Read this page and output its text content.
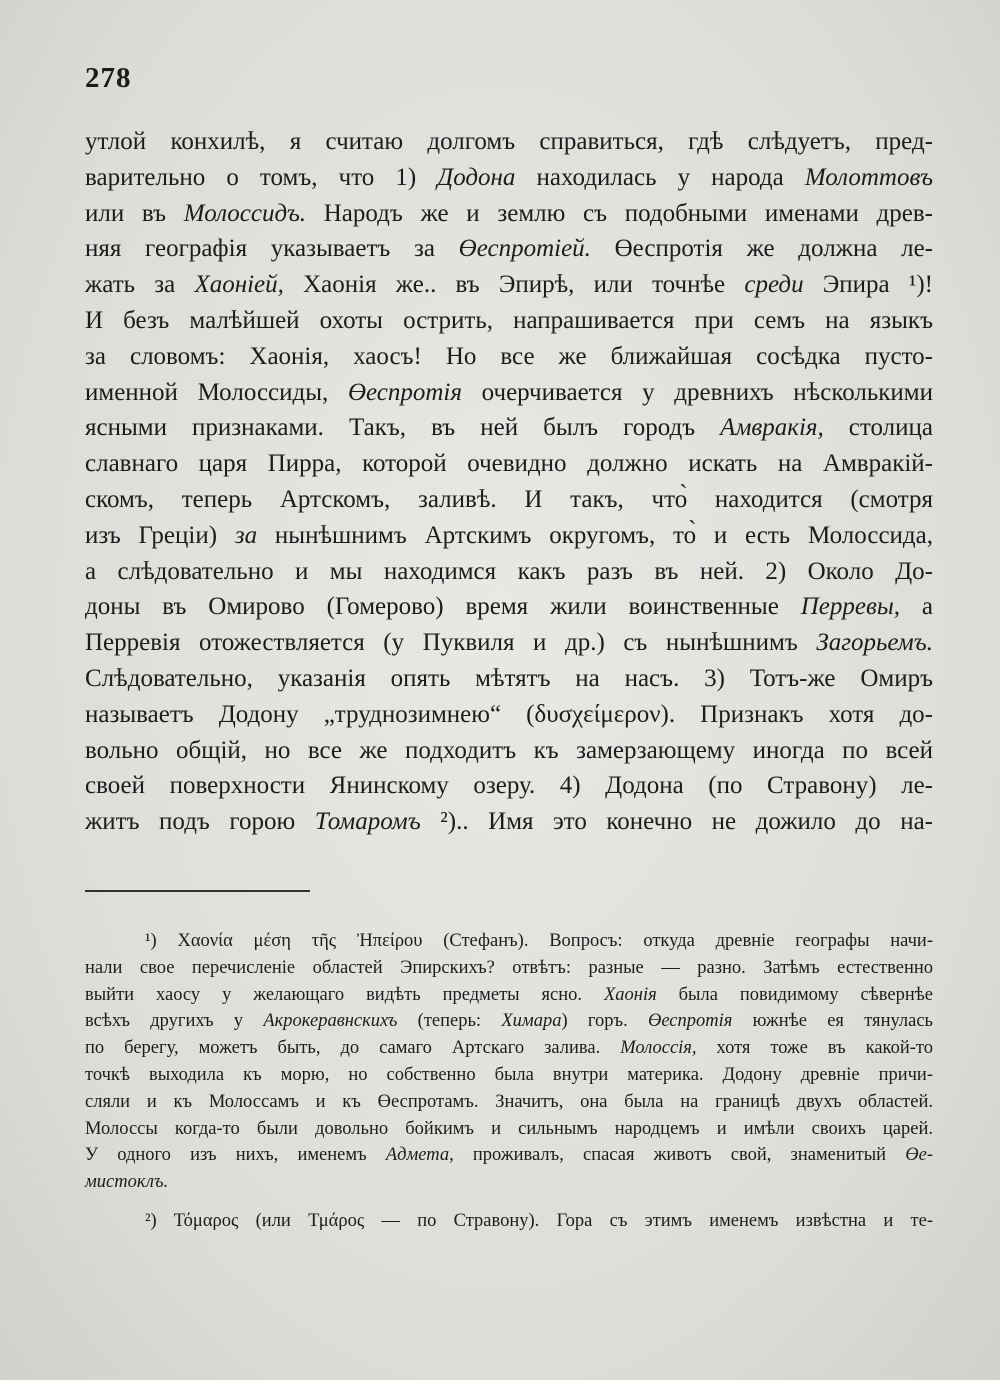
278
утлой конхилѣ, я считаю долгомъ справиться, гдѣ слѣдуетъ, пред-
варительно о томъ, что 1) Додона находилась у народа Молоттовъ
или въ Молоссидъ. Народъ же и землю съ подобными именами древ-
няя географія указываетъ за Өеспротіей. Өеспротія же должна ле-
жать за Хаоніей, Хаонія же.. въ Эпирѣ, или точнѣе среди Эпира ¹)!
И безъ малѣйшей охоты острить, напрашивается при семъ на языкъ
за словомъ: Хаонія, хаосъ! Но все же ближайшая сосѣдка пусто-
именной Молоссиды, Өеспротія очерчивается у древнихъ нѣсколькими
ясными признаками. Такъ, въ ней былъ городъ Амвракія, столица
славнаго царя Пирра, которой очевидно должно искать на Амвракій-
скомъ, теперь Артскомъ, заливѣ. И такъ, что̀ находится (смотря
изъ Греціи) за нынѣшнимъ Артскимъ округомъ, то̀ и есть Молоссида,
а слѣдовательно и мы находимся какъ разъ въ ней. 2) Около До-
доны въ Омирово (Гомерово) время жили воинственные Перревы, а
Перревія отожествляется (у Пуквиля и др.) съ нынѣшнимъ Загорьемъ.
Слѣдовательно, указанія опять мѣтятъ на насъ. 3) Тотъ-же Омиръ
называетъ Додону „труднозимнею“ (δυσχείμερον). Признакъ хотя до-
вольно общій, но все же подходитъ къ замерзающему иногда по всей
своей поверхности Янинскому озеру. 4) Додона (по Стравону) ле-
житъ подъ горою Томаромъ ²).. Имя это конечно не дожило до на-
¹) Χαονία μέση τῆς Ἠπείρου (Стефанъ). Вопросъ: откуда древніе географы начи-
нали свое перечисленіе областей Эпирскихъ? отвѣтъ: разные — разно. Затѣмъ естественно
выйти хаосу у желающаго видѣть предметы ясно. Хаонія была повидимому сѣвернѣе
всѣхъ другихъ у Акрокеравнскихъ (теперь: Химара) горъ. Өеспротія южнѣе ея тянулась
по берегу, можетъ быть, до самаго Артскаго залива. Молоссія, хотя тоже въ какой-то
точкѣ выходила къ морю, но собственно была внутри материка. Додону древніе причи-
сляли и къ Молоссамъ и къ Өеспротамъ. Значитъ, она была на границѣ двухъ областей.
Молоссы когда-то были довольно бойкимъ и сильнымъ народцемъ и имѣли своихъ царей.
У одного изъ нихъ, именемъ Адмета, проживалъ, спасая животъ свой, знаменитый Өе-
мистоклъ.
²) Τόμαρος (или Τμάρος — по Стравону). Гора съ этимъ именемъ извѣстна и те-
